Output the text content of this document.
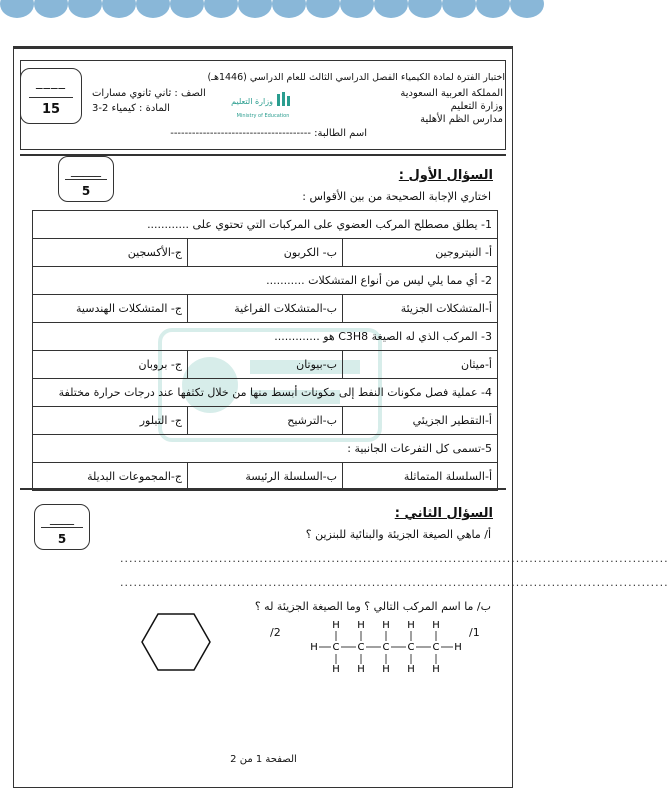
____
15
اختبار الفترة لمادة الكيمياء الفصل الدراسي الثالث للعام الدراسي (1446هـ)
المملكة العربية السعودية
وزارة التعليم
مدارس الظم الأهلية
الصف : ثاني ثانوي مسارات
المادة : كيمياء 2-3
اسم الطالبة: ---------------------------------------
وزارة التعليم
Ministry of Education
_____
5
السؤال الأول :
اختاري الإجابة الصحيحة من بين الأقواس :
1- يطلق مصطلح المركب العضوي على المركبات التي تحتوي على ............		
أ- النيتروجين	ب- الكربون	ج-الأكسجين
2- أي مما يلي ليس من أنواع المتشكلات ...........		
أ-المتشكلات الجزيئة	ب-المتشكلات الفراغية	ج- المتشكلات الهندسية
3- المركب الذي له الصيغة C3H8 هو .............		
أ-ميثان	ب-بيوتان	ج- بروبان
4- عملية فصل مكونات النفط إلى مكونات أبسط منها من خلال تكثفها عند درجات حرارة مختلفة		
أ-التقطير الجزيئي	ب-الترشيح	ج- التبلور
5-تسمى كل التفرعات الجانبية :		
أ-السلسلة المتماثلة	ب-السلسلة الرئيسة	ج-المجموعات البديلة
____
5
السؤال الثاني :
أ/ ماهي الصيغة الجزيئة والبنائية للبنزين ؟
..........................................................................................................................
..........................................................................................................................
ب/ ما اسم المركب التالي ؟ وما الصيغة الجزيئة له ؟
1/
2/
H	H
C
H
H
C
H
H
C
H
H
C
H
H
C
H
H
الصفحة 1 من 2
